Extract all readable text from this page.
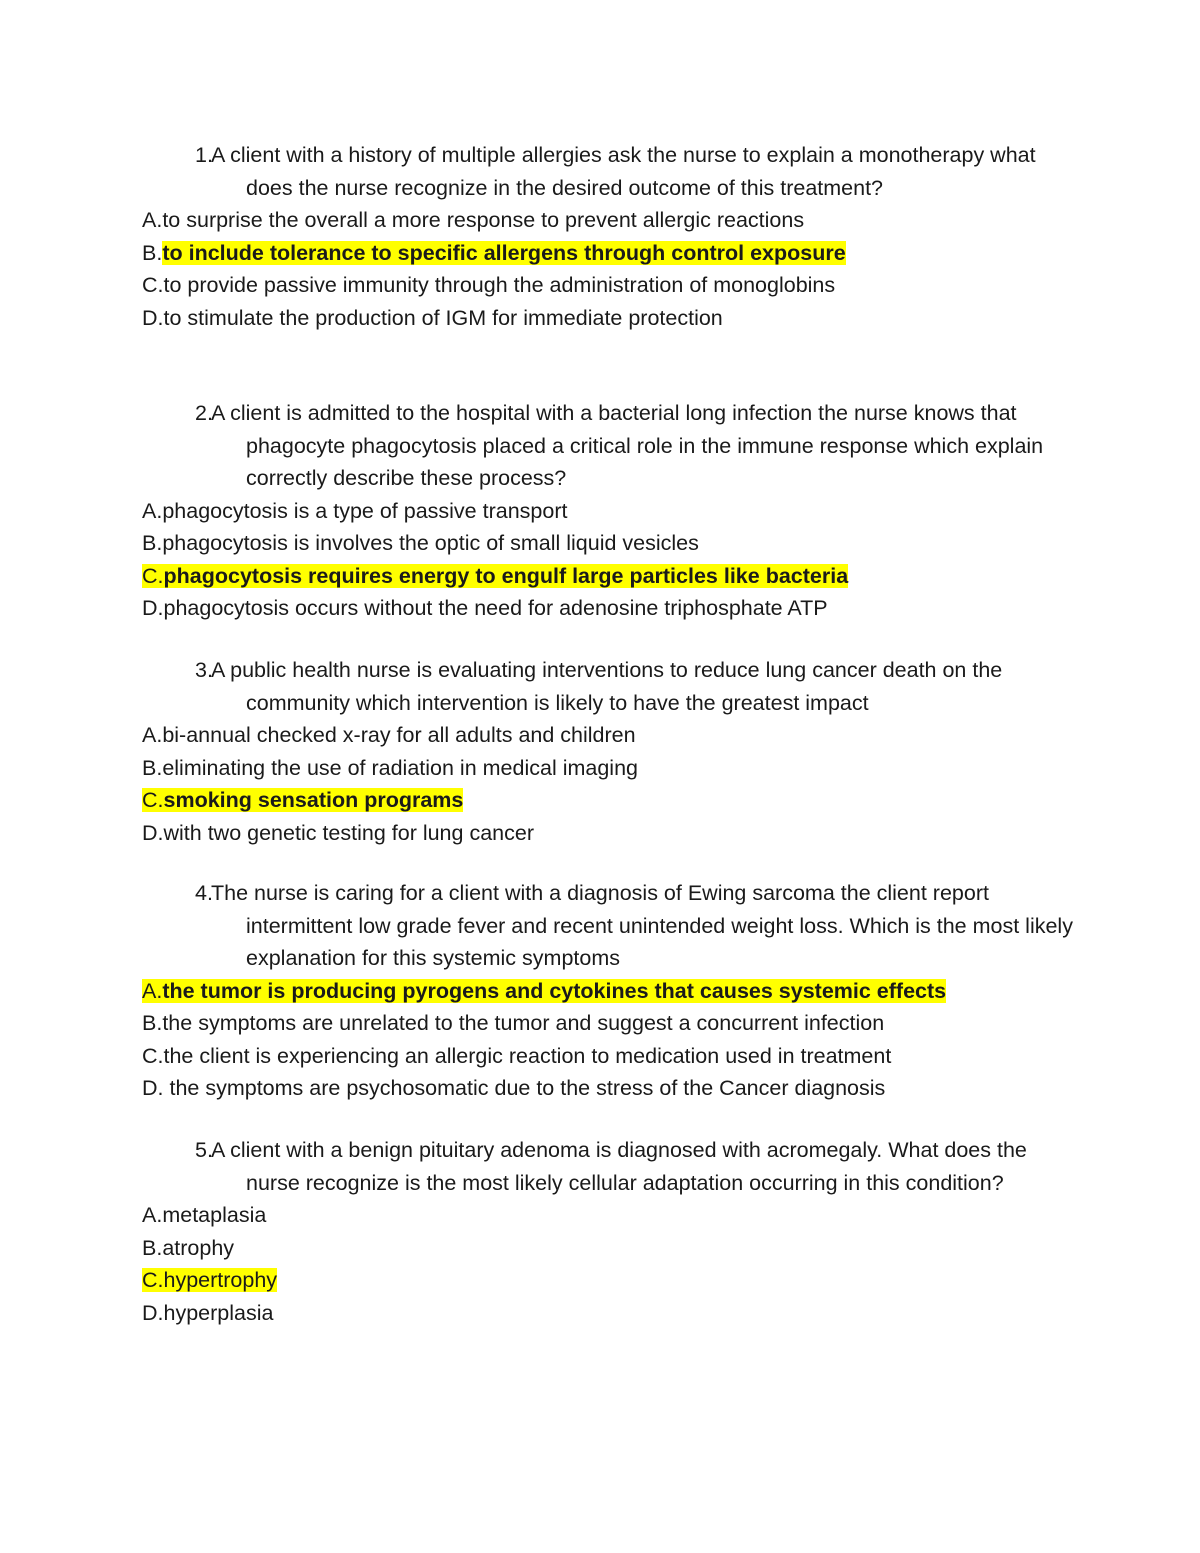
1.
A client with a history of multiple allergies ask the nurse to explain a monotherapy what does the nurse recognize in the desired outcome of this treatment?

A.to surprise the overall a more response to prevent allergic reactions

B.to include tolerance to specific allergens through control exposure

C.to provide passive immunity through the administration of monoglobins

D.to stimulate the production of IGM for immediate protection

2.
A client is admitted to the hospital with a bacterial long infection the nurse knows that phagocyte phagocytosis placed a critical role in the immune response which explain correctly describe these process?

A.phagocytosis is a type of passive transport

B.phagocytosis is involves the optic of small liquid vesicles

C.phagocytosis requires energy to engulf large particles like bacteria

D.phagocytosis occurs without the need for adenosine triphosphate ATP

3.
A public health nurse is evaluating interventions to reduce lung cancer death on the community which intervention is likely to have the greatest impact

A.bi-annual checked x-ray for all adults and children

B.eliminating the use of radiation in medical imaging

C.smoking sensation programs

D.with two genetic testing for lung cancer

4.
The nurse is caring for a client with a diagnosis of Ewing sarcoma the client report intermittent low grade fever and recent unintended weight loss. Which is the most likely explanation for this systemic symptoms

A.the tumor is producing pyrogens and cytokines that causes systemic effects

B.the symptoms are unrelated to the tumor and suggest a concurrent infection

C.the client is experiencing an allergic reaction to medication used in treatment

D. the symptoms are psychosomatic due to the stress of the Cancer diagnosis

5.
A client with a benign pituitary adenoma is diagnosed with acromegaly. What does the nurse recognize is the most likely cellular adaptation occurring in this condition?

A.metaplasia

B.atrophy

C.hypertrophy

D.hyperplasia
